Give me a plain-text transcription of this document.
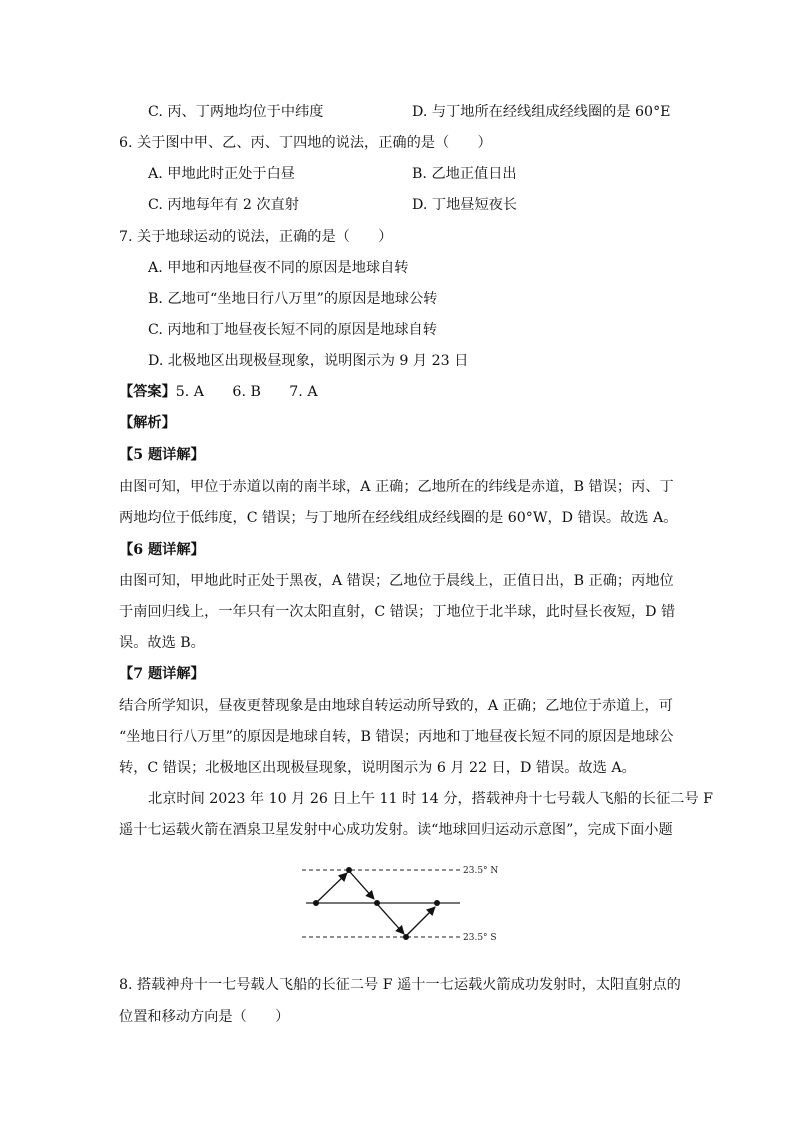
C. 丙、丁两地均位于中纬度	D. 与丁地所在经线组成经线圈的是 60°E
6. 关于图中甲、乙、丙、丁四地的说法，正确的是（　　）
A. 甲地此时正处于白昼	B. 乙地正值日出
C. 丙地每年有 2 次直射	D. 丁地昼短夜长
7. 关于地球运动的说法，正确的是（　　）
A. 甲地和丙地昼夜不同的原因是地球自转
B. 乙地可“坐地日行八万里”的原因是地球公转
C. 丙地和丁地昼夜长短不同的原因是地球自转
D. 北极地区出现极昼现象，说明图示为 9 月 23 日
【答案】5. A　　6. B　　7. A
【解析】
【5 题详解】
由图可知，甲位于赤道以南的南半球，A 正确；乙地所在的纬线是赤道，B 错误；丙、丁
两地均位于低纬度，C 错误；与丁地所在经线组成经线圈的是 60°W，D 错误。故选 A。
【6 题详解】
由图可知，甲地此时正处于黑夜，A 错误；乙地位于晨线上，正值日出，B 正确；丙地位
于南回归线上，一年只有一次太阳直射，C 错误；丁地位于北半球，此时昼长夜短，D 错
误。故选 B。
【7 题详解】
结合所学知识，昼夜更替现象是由地球自转运动所导致的，A 正确；乙地位于赤道上，可
“坐地日行八万里”的原因是地球自转，B 错误；丙地和丁地昼夜长短不同的原因是地球公
转，C 错误；北极地区出现极昼现象，说明图示为 6 月 22 日，D 错误。故选 A。
北京时间 2023 年 10 月 26 日上午 11 时 14 分，搭载神舟十七号载人飞船的长征二号 F
遥十七运载火箭在酒泉卫星发射中心成功发射。读“地球回归运动示意图”，完成下面小题
23.5° N
23.5° S
8. 搭载神舟十一七号载人飞船的长征二号 F 遥十一七运载火箭成功发射时，太阳直射点的
位置和移动方向是（　　）
